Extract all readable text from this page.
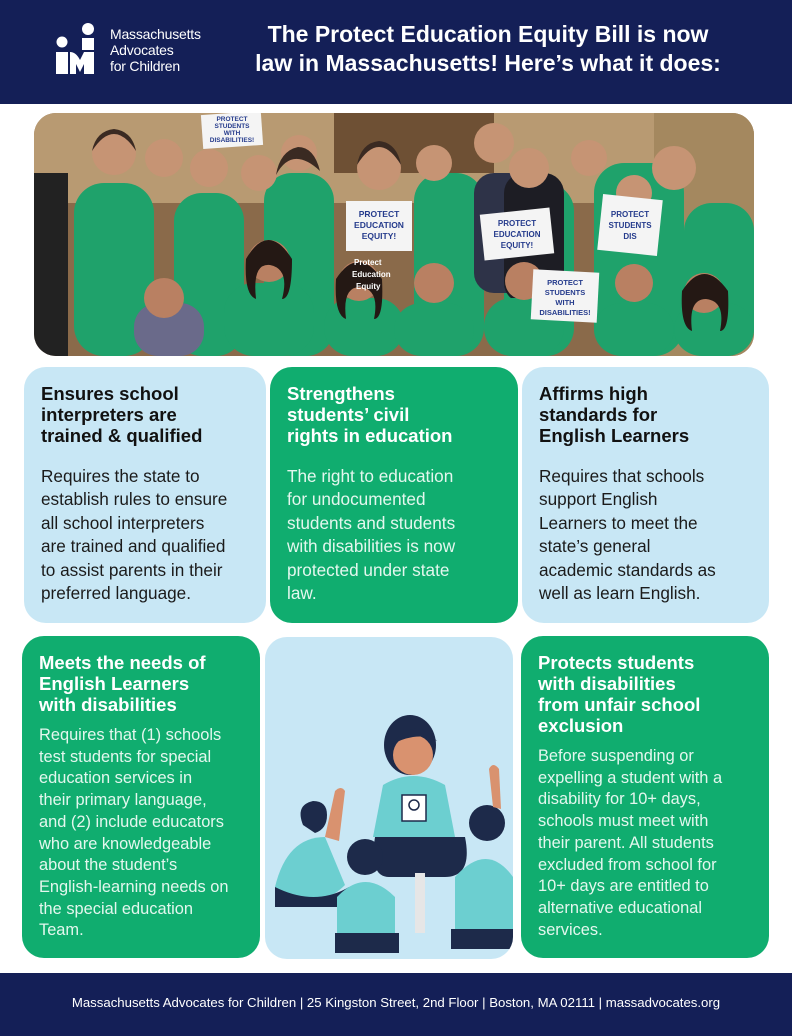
Massachusetts
Advocates
for Children
The Protect Education Equity Bill is now
law in Massachusetts! Here’s what it does:
PROTECT
STUDENTS
WITH
DISABILITIES!
PROTECT
EDUCATION
EQUITY!
PROTECT
EDUCATION
EQUITY!
PROTECT
STUDENTS
DIS
PROTECT
STUDENTS
WITH
DISABILITIES!
Protect
Education
Equity
Ensures school
interpreters are
trained & qualified

Requires the state to
establish rules to ensure
all school interpreters
are trained and qualified
to assist parents in their
preferred language.

Strengthens
students’ civil
rights in education

The right to education
for undocumented
students and students
with disabilities is now
protected under state
law.

Affirms high
standards for
English Learners

Requires that schools
support English
Learners to meet the
state’s general
academic standards as
well as learn English.

Meets the needs of
English Learners
with disabilities

Requires that (1) schools
test students for special
education services in
their primary language,
and (2) include educators
who are knowledgeable
about the student’s
English-learning needs on
the special education
Team.

Protects students
with disabilities
from unfair school
exclusion

Before suspending or
expelling a student with a
disability for 10+ days,
schools must meet with
their parent. All students
excluded from school for
10+ days are entitled to
alternative educational
services.

Massachusetts Advocates for Children | 25 Kingston Street, 2nd Floor | Boston, MA 02111 | massadvocates.org
